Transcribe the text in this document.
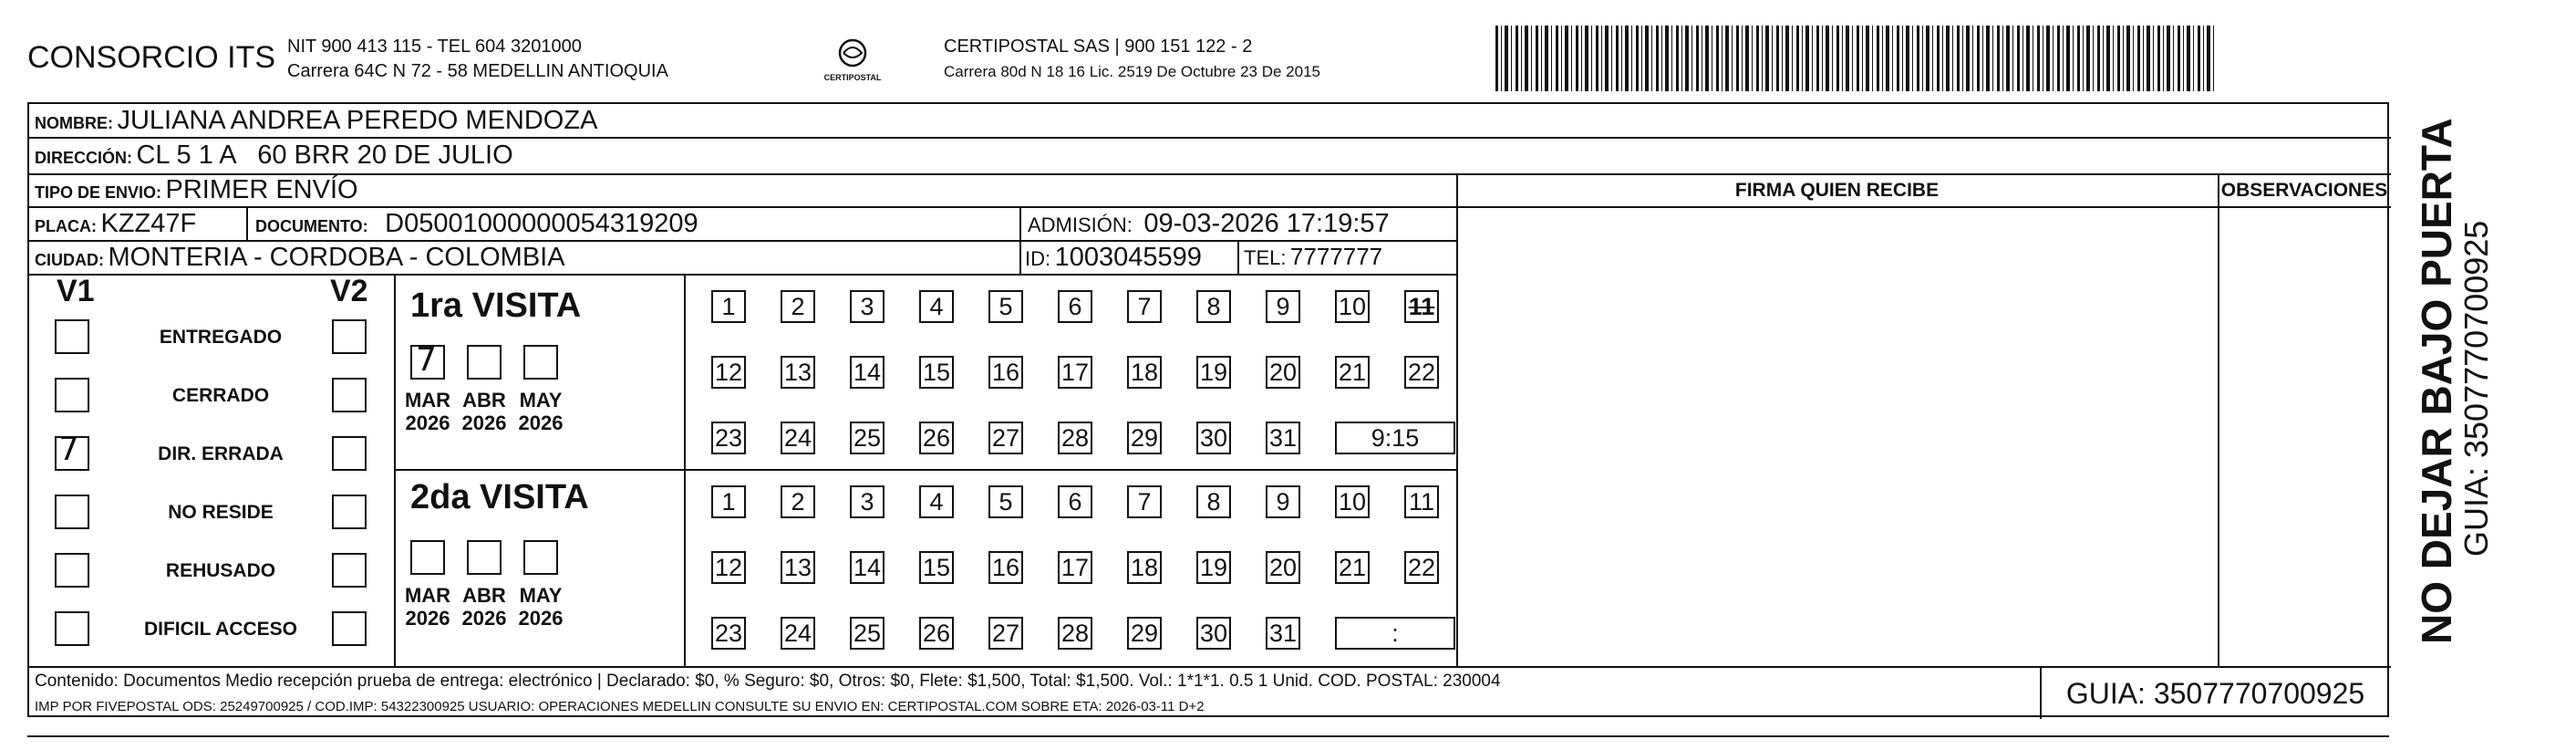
CONSORCIO ITS NIT 900 413 115 - TEL 604 3201000
Carrera 64C N 72 - 58 MEDELLIN ANTIOQUIA	CERTIPOSTAL
CERTIPOSTAL SAS | 900 151 122 - 2
Carrera 80d N 18 16 Lic. 2519 De Octubre 23 De 2015
NOMBRE: JULIANA ANDREA PEREDO MENDOZA
DIRECCIÓN: CL 5 1 A   60 BRR 20 DE JULIO
TIPO DE ENVIO: PRIMER ENVÍO	FIRMA QUIEN RECIBE	OBSERVACIONES
PLACA: KZZ47F	DOCUMENTO: D05001000000054319209	ADMISIÓN: 09-03-2026 17:19:57
CIUDAD: MONTERIA - CORDOBA - COLOMBIA	ID: 1003045599 TEL: 7777777
V1	V2 1ra VISITA
2da VISITA
Contenido: Documentos Medio recepción prueba de entrega: electrónico | Declarado: $0, % Seguro: $0, Otros: $0, Flete: $1,500, Total: $1,500. Vol.: 1*1*1. 0.5 1 Unid. COD. POSTAL: 230004
IMP POR FIVEPOSTAL ODS: 25249700925 / COD.IMP: 54322300925 USUARIO: OPERACIONES MEDELLIN CONSULTE SU ENVIO EN: CERTIPOSTAL.COM SOBRE ETA: 2026-03-11 D+2	GUIA: 3507770700925
ENTREGADO
CERRADO
7	DIR. ERRADA
NO RESIDE
REHUSADO
DIFICIL ACCESO
7
MAR
2026
ABR
2026
MAY
2026
1	2	3	4	5	6	7	8	9	10 11
12 13 14 15 16 17 18 19 20 21 22
23 24 25 26 27 28 29 30 31	9:15
MAR
2026
ABR
2026
MAY
2026
1	2	3	4	5	6	7	8	9	10 11
12 13 14 15 16 17 18 19 20 21 22
23 24 25 26 27 28 29 30 31	:	NO DEJAR BAJO PUERTA
GUIA: 3507770700925
